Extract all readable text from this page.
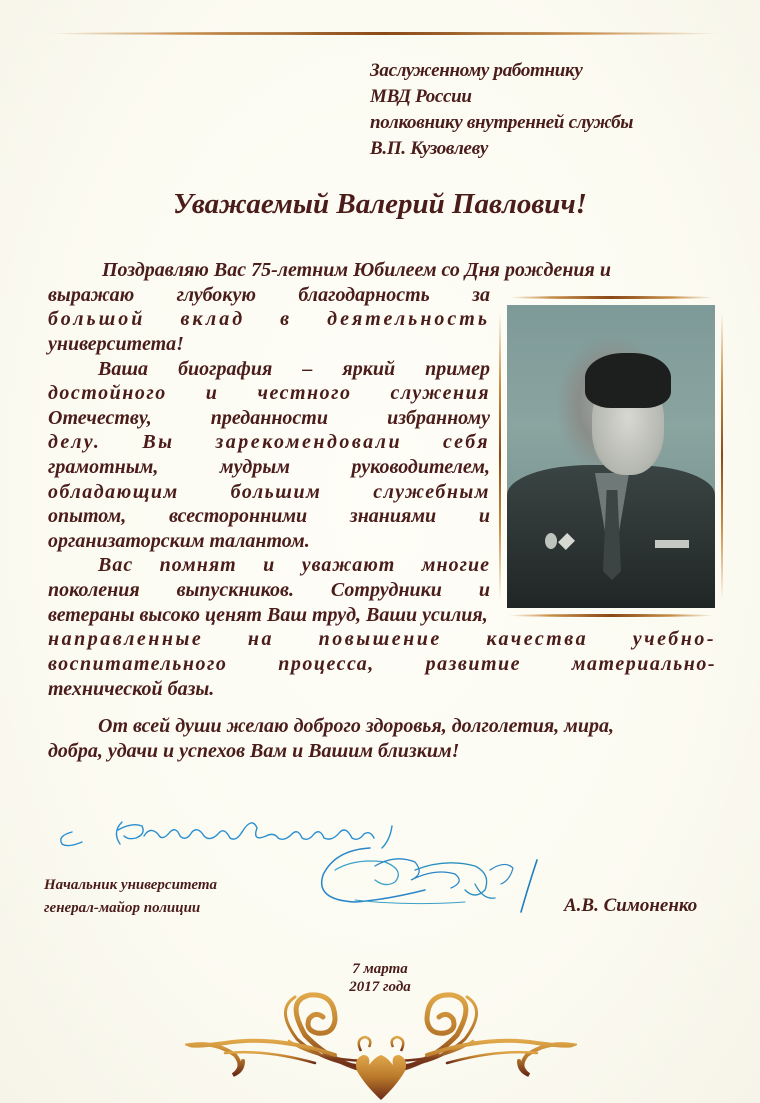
Заслуженному работнику
МВД России
полковнику внутренней службы
В.П. Кузовлеву
Уважаемый Валерий Павлович!
Поздравляю Вас 75-летним Юбилеем со Дня рождения и
выражаю глубокую благодарность за
большой вклад в деятельность
университета!
Ваша биография – яркий пример
достойного и честного служения
Отечеству, преданности избранному
делу. Вы зарекомендовали себя
грамотным, мудрым руководителем,
обладающим большим служебным
опытом, всесторонними знаниями и
организаторским талантом.
Вас помнят и уважают многие
поколения выпускников. Сотрудники и
ветераны высоко ценят Ваш труд, Ваши усилия,
направленные на повышение качества учебно-
воспитательного процесса, развитие материально-
технической базы.
От всей души желаю доброго здоровья, долголетия, мира,
добра, удачи и успехов Вам и Вашим близким!
Начальник университета
генерал-майор полиции	А.В. Симоненко
7 марта
2017 года
